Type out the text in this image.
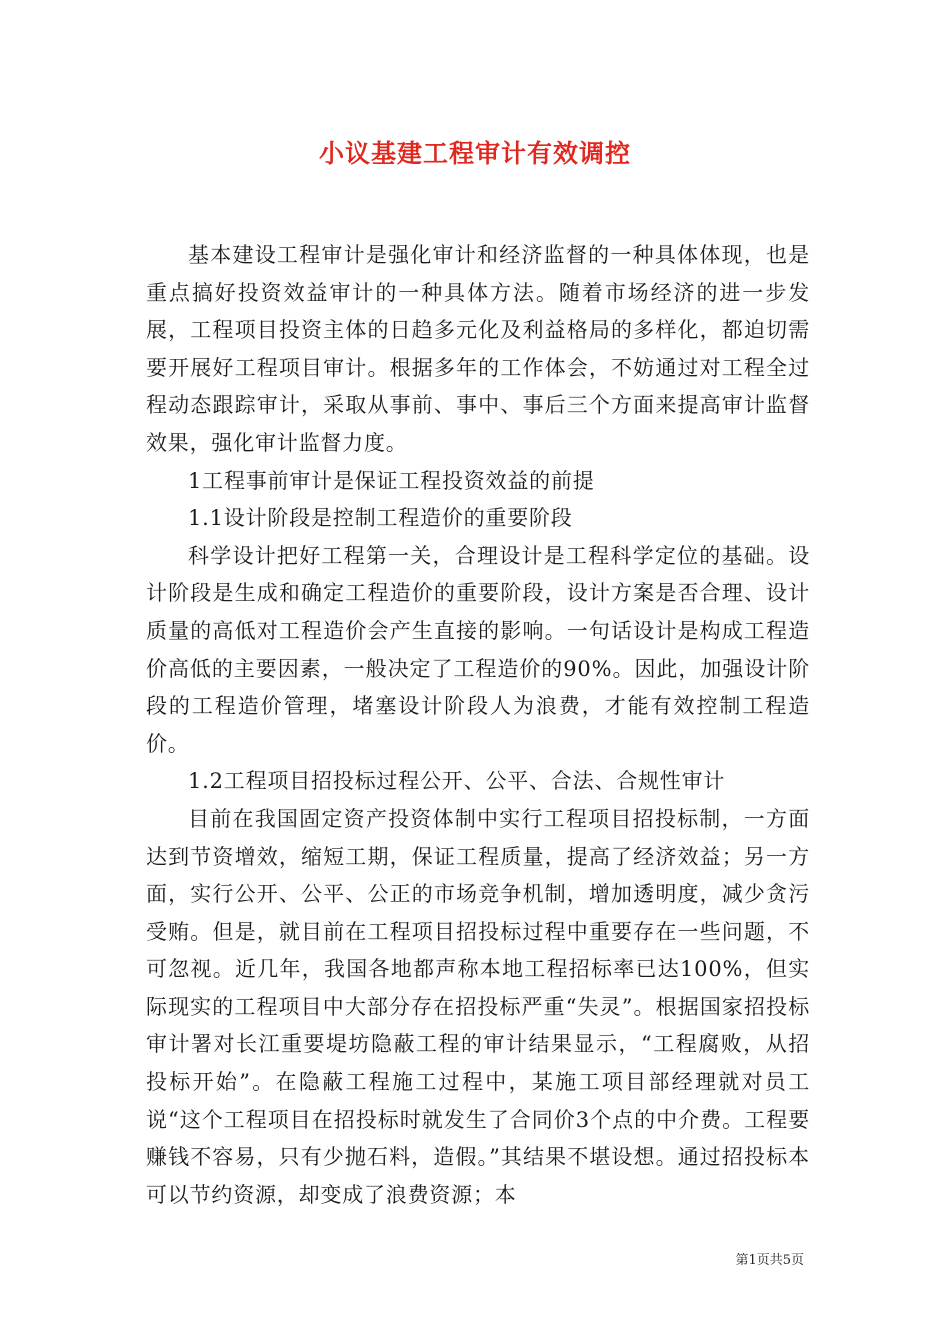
小议基建工程审计有效调控

基本建设工程审计是强化审计和经济监督的一种具体体现，也是重点搞好投资效益审计的一种具体方法。随着市场经济的进一步发展，工程项目投资主体的日趋多元化及利益格局的多样化，都迫切需要开展好工程项目审计。根据多年的工作体会，不妨通过对工程全过程动态跟踪审计，采取从事前、事中、事后三个方面来提高审计监督效果，强化审计监督力度。

1工程事前审计是保证工程投资效益的前提

1.1设计阶段是控制工程造价的重要阶段

科学设计把好工程第一关，合理设计是工程科学定位的基础。设计阶段是生成和确定工程造价的重要阶段，设计方案是否合理、设计质量的高低对工程造价会产生直接的影响。一句话设计是构成工程造价高低的主要因素，一般决定了工程造价的90%。因此，加强设计阶段的工程造价管理，堵塞设计阶段人为浪费，才能有效控制工程造价。

1.2工程项目招投标过程公开、公平、合法、合规性审计

目前在我国固定资产投资体制中实行工程项目招投标制，一方面达到节资增效，缩短工期，保证工程质量，提高了经济效益；另一方面，实行公开、公平、公正的市场竞争机制，增加透明度，减少贪污受贿。但是，就目前在工程项目招投标过程中重要存在一些问题，不可忽视。近几年，我国各地都声称本地工程招标率已达100%，但实际现实的工程项目中大部分存在招投标严重“失灵”。根据国家招投标审计署对长江重要堤坊隐蔽工程的审计结果显示，“工程腐败，从招投标开始”。在隐蔽工程施工过程中，某施工项目部经理就对员工说“这个工程项目在招投标时就发生了合同价3个点的中介费。工程要赚钱不容易，只有少抛石料，造假。”其结果不堪设想。通过招投标本可以节约资源，却变成了浪费资源；本

第1页共5页
